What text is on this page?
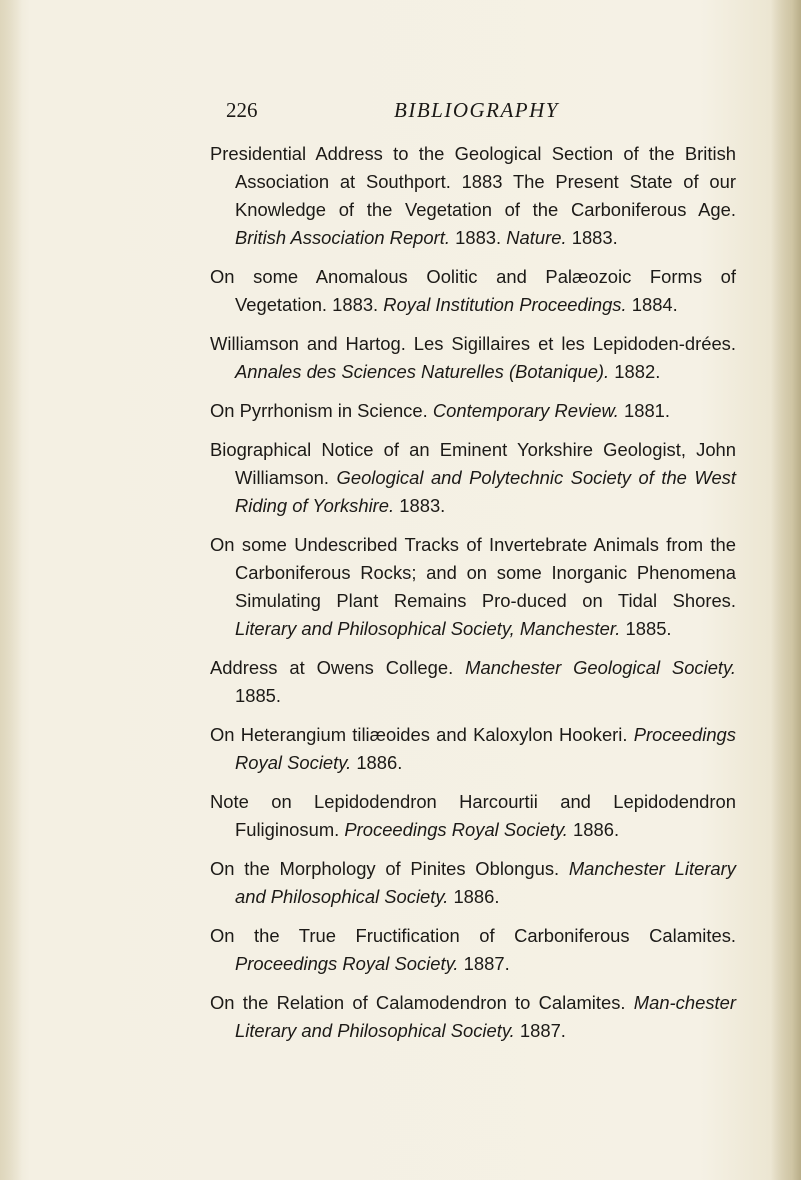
226	BIBLIOGRAPHY

Presidential Address to the Geological Section of the British Association at Southport. 1883 The Present State of our Knowledge of the Vegetation of the Carboniferous Age. British Association Report. 1883. Nature. 1883.

On some Anomalous Oolitic and Palæozoic Forms of Vegetation. 1883. Royal Institution Proceedings. 1884.

Williamson and Hartog. Les Sigillaires et les Lepidoden-drées. Annales des Sciences Naturelles (Botanique). 1882.

On Pyrrhonism in Science. Contemporary Review. 1881.

Biographical Notice of an Eminent Yorkshire Geologist, John Williamson. Geological and Polytechnic Society of the West Riding of Yorkshire. 1883.

On some Undescribed Tracks of Invertebrate Animals from the Carboniferous Rocks; and on some Inorganic Phenomena Simulating Plant Remains Pro-duced on Tidal Shores. Literary and Philosophical Society, Manchester. 1885.

Address at Owens College. Manchester Geological Society. 1885.

On Heterangium tiliæoides and Kaloxylon Hookeri. Proceedings Royal Society. 1886.

Note on Lepidodendron Harcourtii and Lepidodendron Fuliginosum. Proceedings Royal Society. 1886.

On the Morphology of Pinites Oblongus. Manchester Literary and Philosophical Society. 1886.

On the True Fructification of Carboniferous Calamites. Proceedings Royal Society. 1887.

On the Relation of Calamodendron to Calamites. Man-chester Literary and Philosophical Society. 1887.
